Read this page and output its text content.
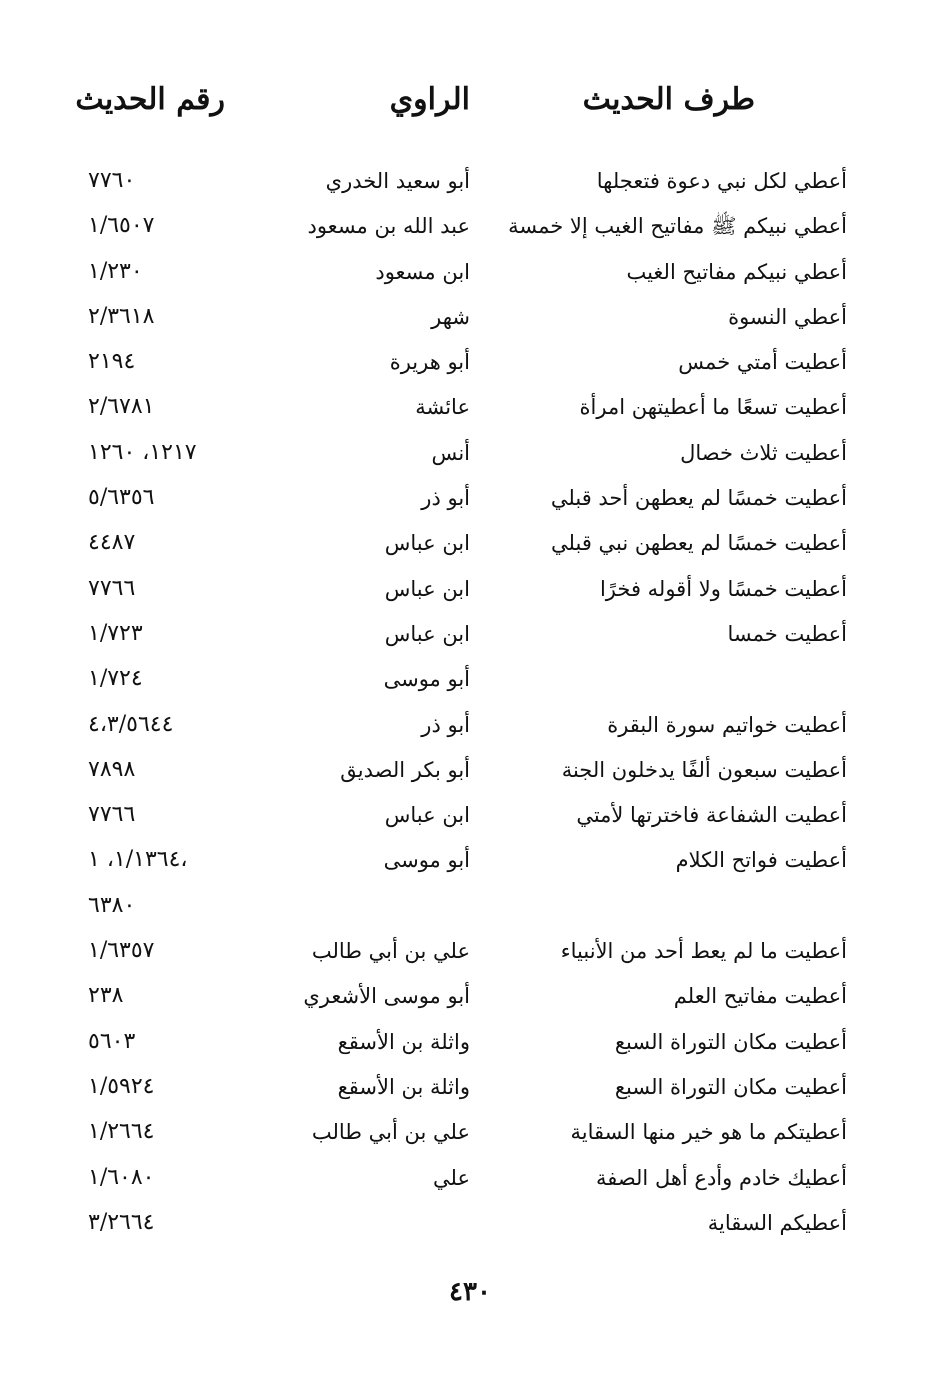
طرف الحديث
الراوي
رقم الحديث
أعطي لكل نبي دعوة فتعجلها
أبو سعيد الخدري
٧٧٦٠
أعطي نبيكم ﷺ مفاتيح الغيب إلا خمسة
عبد الله بن مسعود
١/٦٥٠٧
أعطي نبيكم مفاتيح الغيب
ابن مسعود
١/٢٣٠
أعطي النسوة
شهر
٢/٣٦١٨
أعطيت أمتي خمس
أبو هريرة
٢١٩٤
أعطيت تسعًا ما أعطيتهن امرأة
عائشة
٢/٦٧٨١
أعطيت ثلاث خصال
أنس
١٢١٧، ١٢٦٠
أعطيت خمسًا لم يعطهن أحد قبلي
أبو ذر
٥/٦٣٥٦
أعطيت خمسًا لم يعطهن نبي قبلي
ابن عباس
٤٤٨٧
أعطيت خمسًا ولا أقوله فخرًا
ابن عباس
٧٧٦٦
أعطيت خمسا
ابن عباس
١/٧٢٣
أبو موسى
١/٧٢٤
أعطيت خواتيم سورة البقرة
أبو ذر
٤،٣/٥٦٤٤
أعطيت سبعون ألفًا يدخلون الجنة
أبو بكر الصديق
٧٨٩٨
أعطيت الشفاعة فاخترتها لأمتي
ابن عباس
٧٧٦٦
أعطيت فواتح الكلام
أبو موسى
١/١٣٦٤، ١،
٦٣٨٠
أعطيت ما لم يعط أحد من الأنبياء
علي بن أبي طالب
١/٦٣٥٧
أعطيت مفاتيح العلم
أبو موسى الأشعري
٢٣٨
أعطيت مكان التوراة السبع
واثلة بن الأسقع
٥٦٠٣
أعطيت مكان التوراة السبع
واثلة بن الأسقع
١/٥٩٢٤
أعطيتكم ما هو خير منها السقاية
علي بن أبي طالب
١/٢٦٦٤
أعطيك خادم وأدع أهل الصفة
علي
١/٦٠٨٠
أعطيكم السقاية
٣/٢٦٦٤
٤٣٠
